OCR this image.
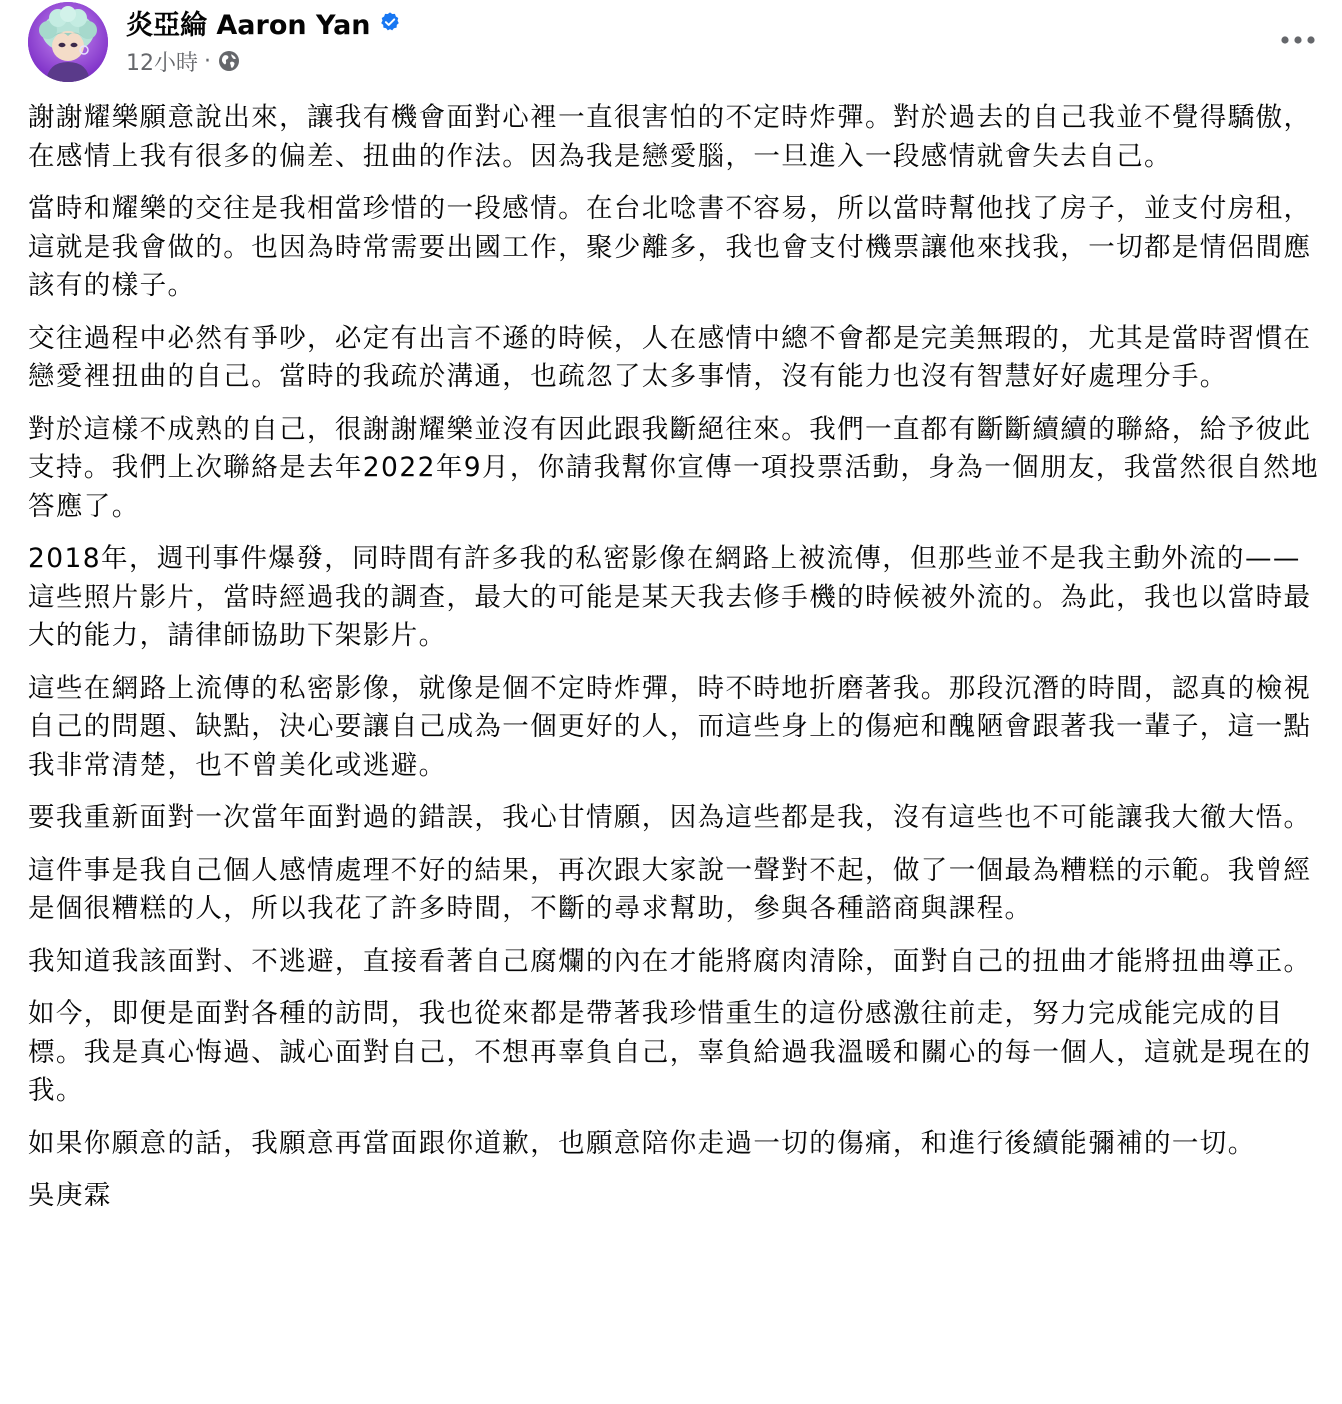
炎亞綸 Aaron Yan
12小時 ·

謝謝耀樂願意說出來，讓我有機會面對心裡一直很害怕的不定時炸彈。對於過去的自己我並不覺得驕傲，在感情上我有很多的偏差、扭曲的作法。因為我是戀愛腦，一旦進入一段感情就會失去自己。

當時和耀樂的交往是我相當珍惜的一段感情。在台北唸書不容易，所以當時幫他找了房子，並支付房租，這就是我會做的。也因為時常需要出國工作，聚少離多，我也會支付機票讓他來找我，一切都是情侶間應該有的樣子。

交往過程中必然有爭吵，必定有出言不遜的時候，人在感情中總不會都是完美無瑕的，尤其是當時習慣在戀愛裡扭曲的自己。當時的我疏於溝通，也疏忽了太多事情，沒有能力也沒有智慧好好處理分手。

對於這樣不成熟的自己，很謝謝耀樂並沒有因此跟我斷絕往來。我們一直都有斷斷續續的聯絡，給予彼此支持。我們上次聯絡是去年2022年9月，你請我幫你宣傳一項投票活動，身為一個朋友，我當然很自然地答應了。

2018年，週刊事件爆發，同時間有許多我的私密影像在網路上被流傳，但那些並不是我主動外流的——這些照片影片，當時經過我的調查，最大的可能是某天我去修手機的時候被外流的。為此，我也以當時最大的能力，請律師協助下架影片。

這些在網路上流傳的私密影像，就像是個不定時炸彈，時不時地折磨著我。那段沉潛的時間，認真的檢視自己的問題、缺點，決心要讓自己成為一個更好的人，而這些身上的傷疤和醜陋會跟著我一輩子，這一點我非常清楚，也不曾美化或逃避。

要我重新面對一次當年面對過的錯誤，我心甘情願，因為這些都是我，沒有這些也不可能讓我大徹大悟。

這件事是我自己個人感情處理不好的結果，再次跟大家說一聲對不起，做了一個最為糟糕的示範。我曾經是個很糟糕的人，所以我花了許多時間，不斷的尋求幫助，參與各種諮商與課程。

我知道我該面對、不逃避，直接看著自己腐爛的內在才能將腐肉清除，面對自己的扭曲才能將扭曲導正。

如今，即便是面對各種的訪問，我也從來都是帶著我珍惜重生的這份感激往前走，努力完成能完成的目標。我是真心悔過、誠心面對自己，不想再辜負自己，辜負給過我溫暖和關心的每一個人，這就是現在的我。

如果你願意的話，我願意再當面跟你道歉，也願意陪你走過一切的傷痛，和進行後續能彌補的一切。

吳庚霖
